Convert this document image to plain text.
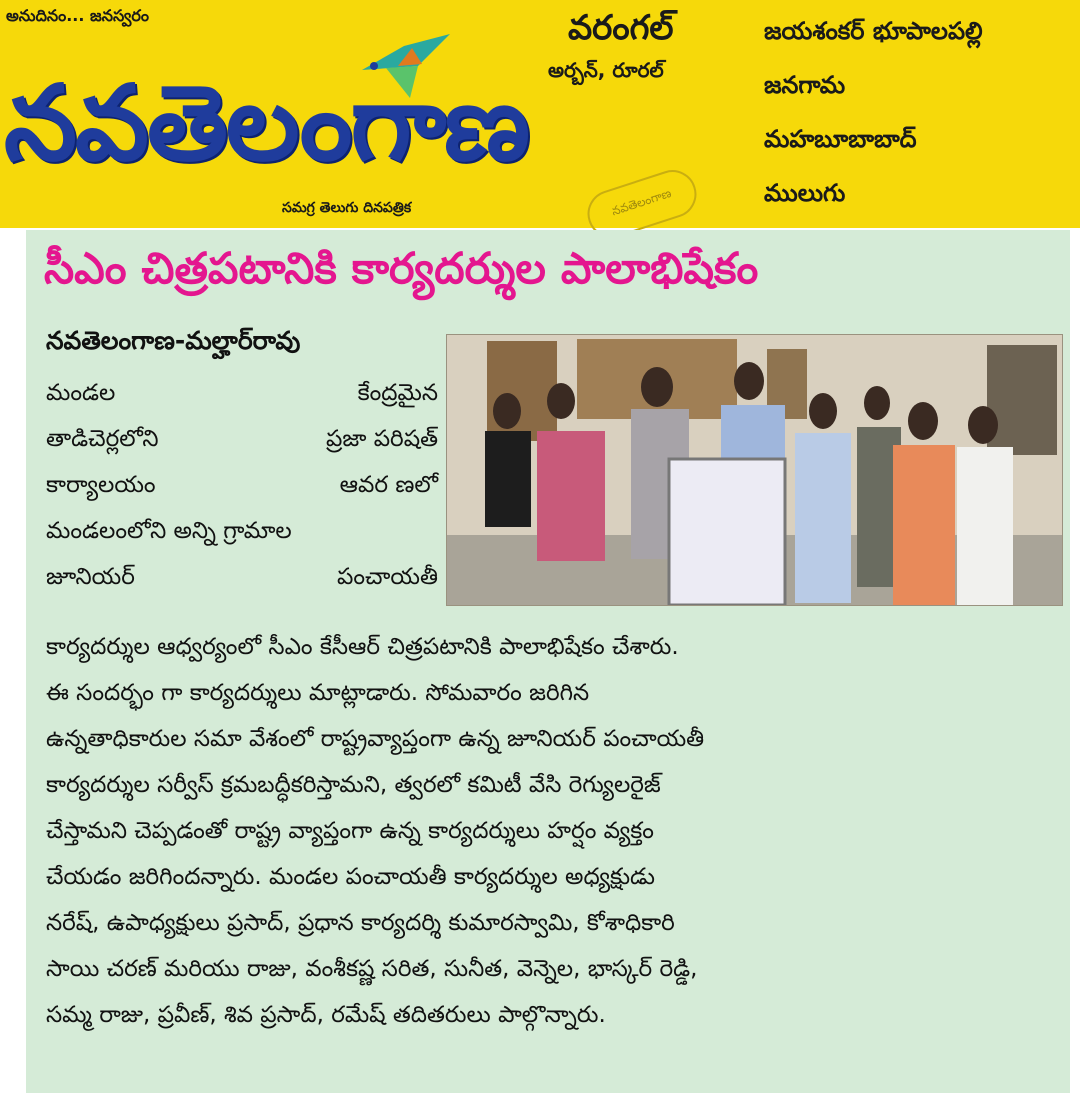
అనుదినం... జనస్వరం
నవతెలంగాణ
సమగ్ర తెలుగు దినపత్రిక	నవతెలంగాణ
వరంగల్
అర్బన్, రూరల్
జయశంకర్ భూపాలపల్లి
జనగామ
మహబూబాబాద్
ములుగు
సీఎం చిత్రపటానికి కార్యదర్శుల పాలాభిషేకం
నవతెలంగాణ-మల్హార్‌రావు
మండల	కేంద్రమైన
తాడిచెర్లలోని	ప్రజా పరిషత్
కార్యాలయం	ఆవర ణలో
మండలంలోని అన్ని గ్రామాల
జూనియర్	పంచాయతీ
కార్యదర్శుల ఆధ్వర్యంలో సీఎం కేసీఆర్ చిత్రపటానికి పాలాభిషేకం చేశారు.
ఈ సందర్భం గా కార్యదర్శులు మాట్లాడారు. సోమవారం జరిగిన
ఉన్నతాధికారుల సమా వేశంలో రాష్ట్రవ్యాప్తంగా ఉన్న జూనియర్ పంచాయతీ
కార్యదర్శుల సర్వీస్ క్రమబద్ధీకరిస్తామని, త్వరలో కమిటీ వేసి రెగ్యులరైజ్
చేస్తామని చెప్పడంతో రాష్ట్ర వ్యాప్తంగా ఉన్న కార్యదర్శులు హర్షం వ్యక్తం
చేయడం జరిగిందన్నారు. మండల పంచాయతీ కార్యదర్శుల అధ్యక్షుడు
నరేష్, ఉపాధ్యక్షులు ప్రసాద్, ప్రధాన కార్యదర్శి కుమారస్వామి, కోశాధికారి
సాయి చరణ్ మరియు రాజు, వంశీకష్ణ సరిత, సునీత, వెన్నెల, భాస్కర్ రెడ్డి,
సమ్మ రాజు, ప్రవీణ్, శివ ప్రసాద్, రమేష్ తదితరులు పాల్గొన్నారు.
